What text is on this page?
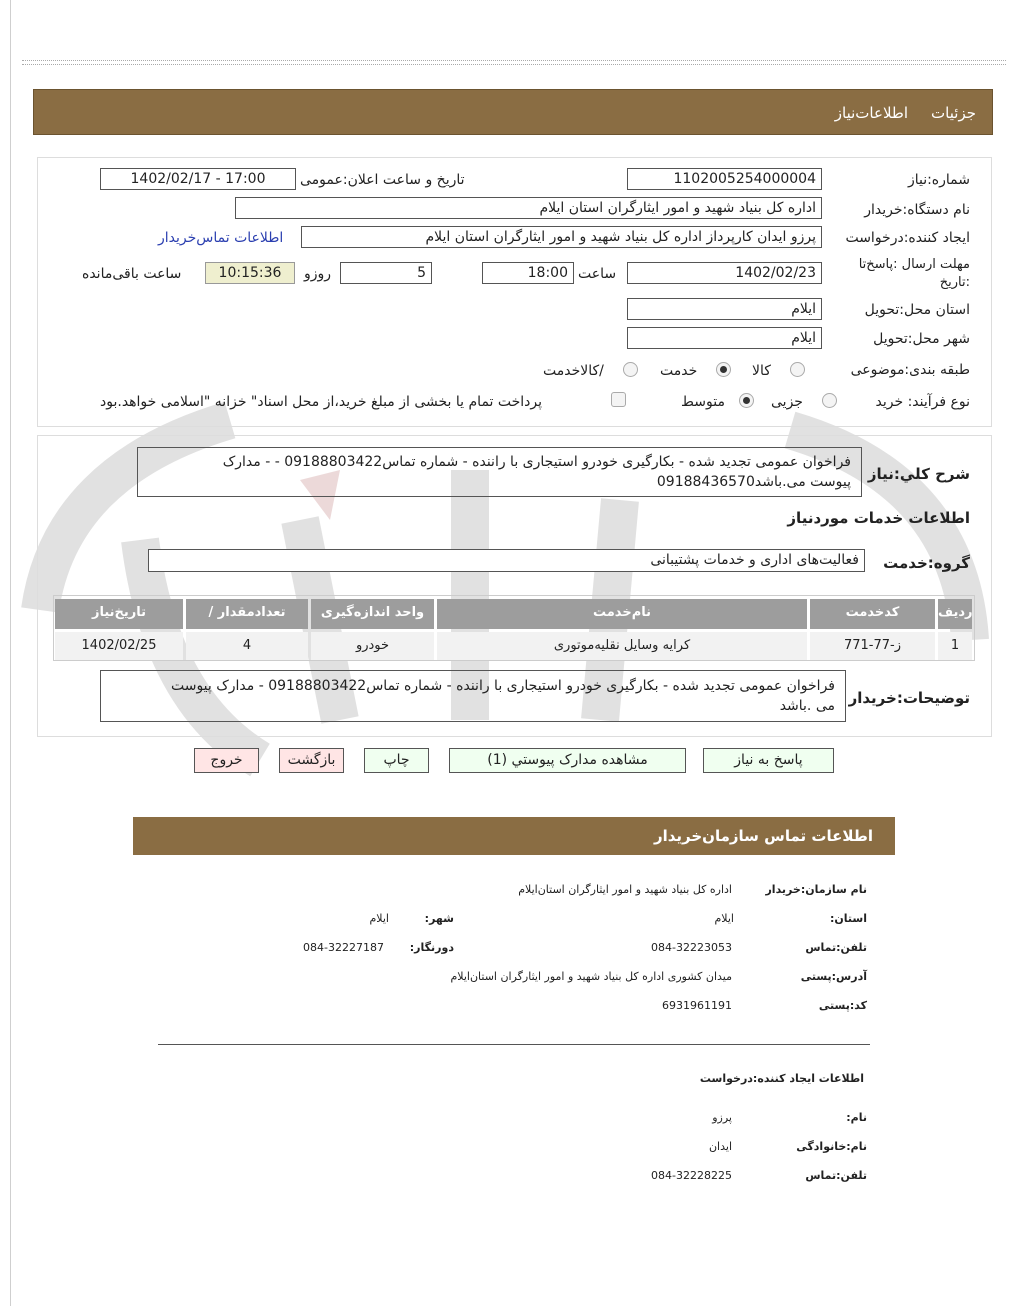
جزئیات
اطلاعات‌نیاز
شماره:نیاز
1102005254000004
تاریخ و ساعت اعلان:عمومی
1402/02/17 - 17:00
نام دستگاه:خریدار
اداره کل بنیاد شهید و امور ایثارگران استان ایلام
ایجاد کننده:درخواست
پرزو ایدان کارپرداز اداره کل بنیاد شهید و امور ایثارگران استان ایلام
اطلاعات تماس‌خریدار
مهلت ارسال :پاسخ‌تا
:تاریخ
1402/02/23
ساعت
18:00
5
روزو
10:15:36
ساعت باقی‌مانده
استان محل:تحویل
ایلام
شهر محل:تحویل
ایلام
طبقه بندی:موضوعی
کالا
خدمت
/کالاخدمت
نوع فرآیند: خرید
جزیی
متوسط
پرداخت تمام یا بخشی از مبلغ خرید،از محل اسناد" خزانه "اسلامی خواهد.بود
شرح کلي:نیاز
فراخوان عمومی تجدید شده - بکارگیری خودرو استیجاری با راننده - شماره تماس09188803422 - - مدارک
پیوست می.باشد09188436570
اطلاعات خدمات موردنیاز
گروه:خدمت
فعالیت‌های اداری و خدمات پشتیبانی
ردیف
کدخدمت
نام‌خدمت
واحد اندازه‌گیری
/ تعدادمقدار
تاریخ‌نیاز
1
ز-77-771
کرایه وسایل نقلیه‌موتوری
خودرو
4
1402/02/25
توضیحات:خریدار
فراخوان عمومی تجدید شده - بکارگیری خودرو استیجاری با راننده - شماره تماس09188803422 - مدارک پیوست
می .باشد
پاسخ به نیاز
مشاهده مدارک پیوستي (1)
چاپ
بازگشت
خروج
اطلاعات تماس سازمان‌خریدار
نام سازمان:خریدار
اداره کل بنیاد شهید و امور ایثارگران استان‌ایلام
استان:
ایلام
شهر:
ایلام
تلفن:تماس
084-32223053
دورنگار:
084-32227187
آدرس:پستی
میدان کشوری اداره کل بنیاد شهید و امور ایثارگران استان‌ایلام
کد:پستی
6931961191
اطلاعات ایجاد کننده:درخواست
نام:
پرزو
نام:خانوادگی
ایدان
تلفن:تماس
084-32228225
